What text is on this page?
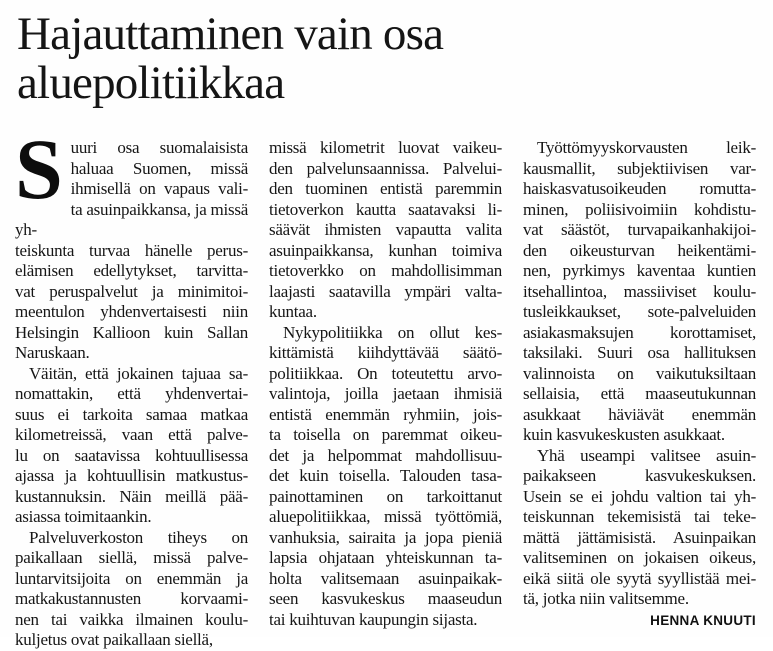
Hajauttaminen vain osa
aluepolitiikkaa
S uuri osa suomalaisista
haluaa Suomen, missä
ihmisellä on vapaus vali-
ta asuinpaikkansa, ja missä yh-
teiskunta turvaa hänelle perus-
elämisen edellytykset, tarvitta-
vat peruspalvelut ja minimitoi-
meentulon yhdenvertaisesti niin
Helsingin Kallioon kuin Sallan
Naruskaan.
Väitän, että jokainen tajuaa sa-
nomattakin, että yhdenvertai-
suus ei tarkoita samaa matkaa
kilometreissä, vaan että palve-
lu on saatavissa kohtuullisessa
ajassa ja kohtuullisin matkustus-
kustannuksin. Näin meillä pää-
asiassa toimitaankin.
Palveluverkoston tiheys on
paikallaan siellä, missä palve-
luntarvitsijoita on enemmän ja
matkakustannusten korvaami-
nen tai vaikka ilmainen koulu-
kuljetus ovat paikallaan siellä,
missä kilometrit luovat vaikeu-
den palvelunsaannissa. Palvelui-
den tuominen entistä paremmin
tietoverkon kautta saatavaksi li-
säävät ihmisten vapautta valita
asuinpaikkansa, kunhan toimiva
tietoverkko on mahdollisimman
laajasti saatavilla ympäri valta-
kuntaa.
Nykypolitiikka on ollut kes-
kittämistä kiihdyttävää säätö-
politiikkaa. On toteutettu arvo-
valintoja, joilla jaetaan ihmisiä
entistä enemmän ryhmiin, jois-
ta toisella on paremmat oikeu-
det ja helpommat mahdollisuu-
det kuin toisella. Talouden tasa-
painottaminen on tarkoittanut
aluepolitiikkaa, missä työttömiä,
vanhuksia, sairaita ja jopa pieniä
lapsia ohjataan yhteiskunnan ta-
holta valitsemaan asuinpaikak-
seen kasvukeskus maaseudun
tai kuihtuvan kaupungin sijasta.
Työttömyyskorvausten leik-
kausmallit, subjektiivisen var-
haiskasvatusoikeuden romutta-
minen, poliisivoimiin kohdistu-
vat säästöt, turvapaikanhakijoi-
den oikeusturvan heikentämi-
nen, pyrkimys kaventaa kuntien
itsehallintoa, massiiviset koulu-
tusleikkaukset, sote-palveluiden
asiakasmaksujen korottamiset,
taksilaki. Suuri osa hallituksen
valinnoista on vaikutuksiltaan
sellaisia, että maaseutukunnan
asukkaat häviävät enemmän
kuin kasvukeskusten asukkaat.
Yhä useampi valitsee asuin-
paikakseen kasvukeskuksen.
Usein se ei johdu valtion tai yh-
teiskunnan tekemisistä tai teke-
mättä jättämisistä. Asuinpaikan
valitseminen on jokaisen oikeus,
eikä siitä ole syytä syyllistää mei-
tä, jotka niin valitsemme.
HENNA KNUUTI
